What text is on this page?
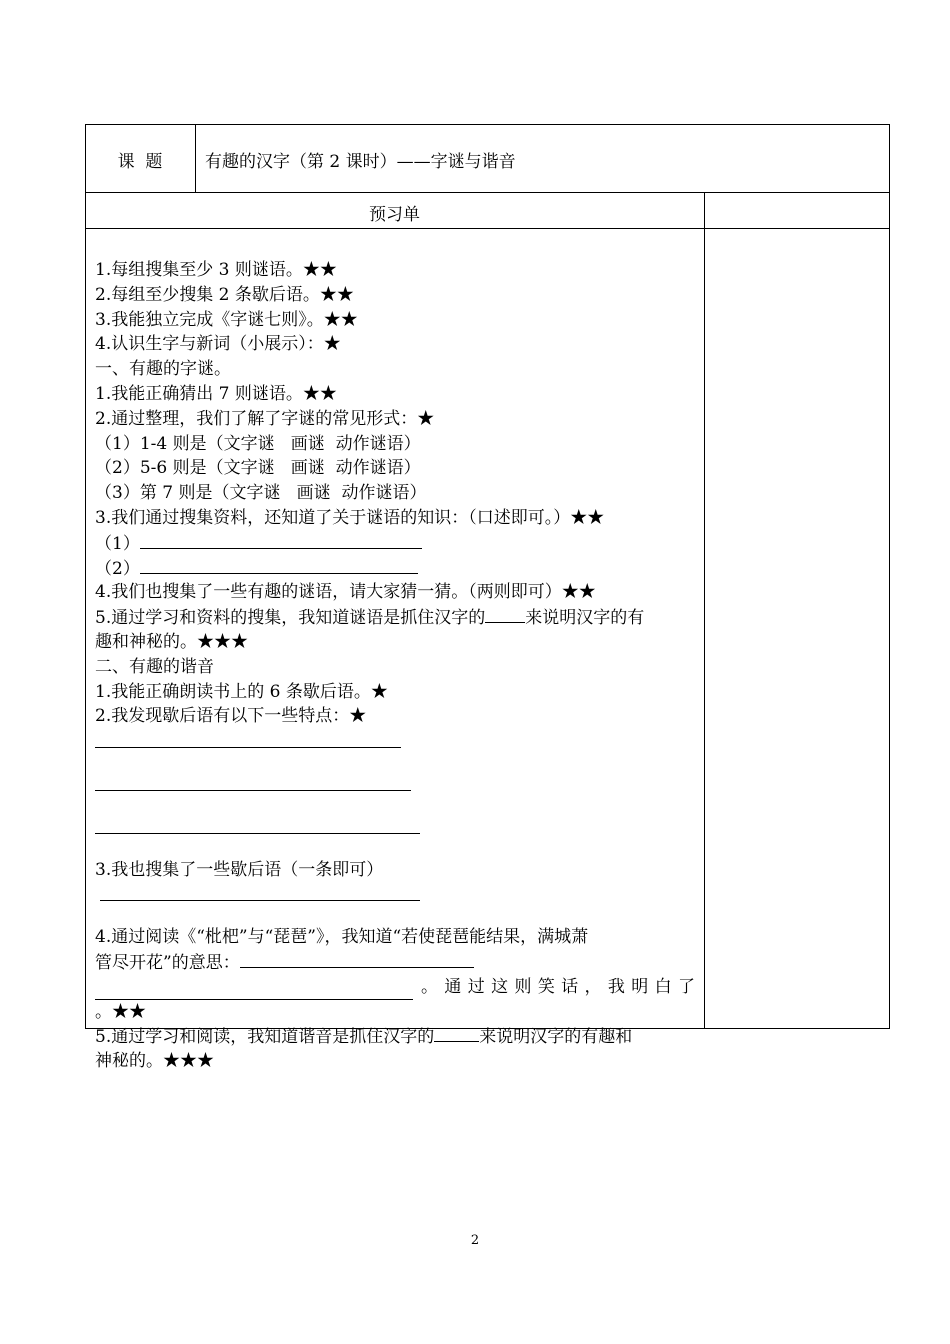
课  题	有趣的汉字（第 2 课时）——字谜与谐音
预习单
1.每组搜集至少 3 则谜语。★★
2.每组至少搜集 2 条歇后语。★★
3.我能独立完成《字谜七则》。★★
4.认识生字与新词（小展示）：★
一、有趣的字谜。
1.我能正确猜出 7 则谜语。★★
2.通过整理，我们了解了字谜的常见形式：★
（1）1-4 则是（文字谜   画谜  动作谜语）
（2）5-6 则是（文字谜   画谜  动作谜语）
（3）第 7 则是（文字谜   画谜  动作谜语）
3.我们通过搜集资料，还知道了关于谜语的知识：（口述即可。）★★
（1）
（2）
4.我们也搜集了一些有趣的谜语，请大家猜一猜。（两则即可）★★
5.通过学习和资料的搜集，我知道谜语是抓住汉字的 来说明汉字的有
趣和神秘的。★★★
二、有趣的谐音
1.我能正确朗读书上的 6 条歇后语。★
2.我发现歇后语有以下一些特点：★
3.我也搜集了一些歇后语（一条即可）
4.通过阅读《“枇杷”与“琵琶”》，我知道“若使琵琶能结果，满城萧
管尽开花”的意思：
。通过这则笑话，我明白了
。★★
5.通过学习和阅读，我知道谐音是抓住汉字的	来说明汉字的有趣和
神秘的。★★★
2
